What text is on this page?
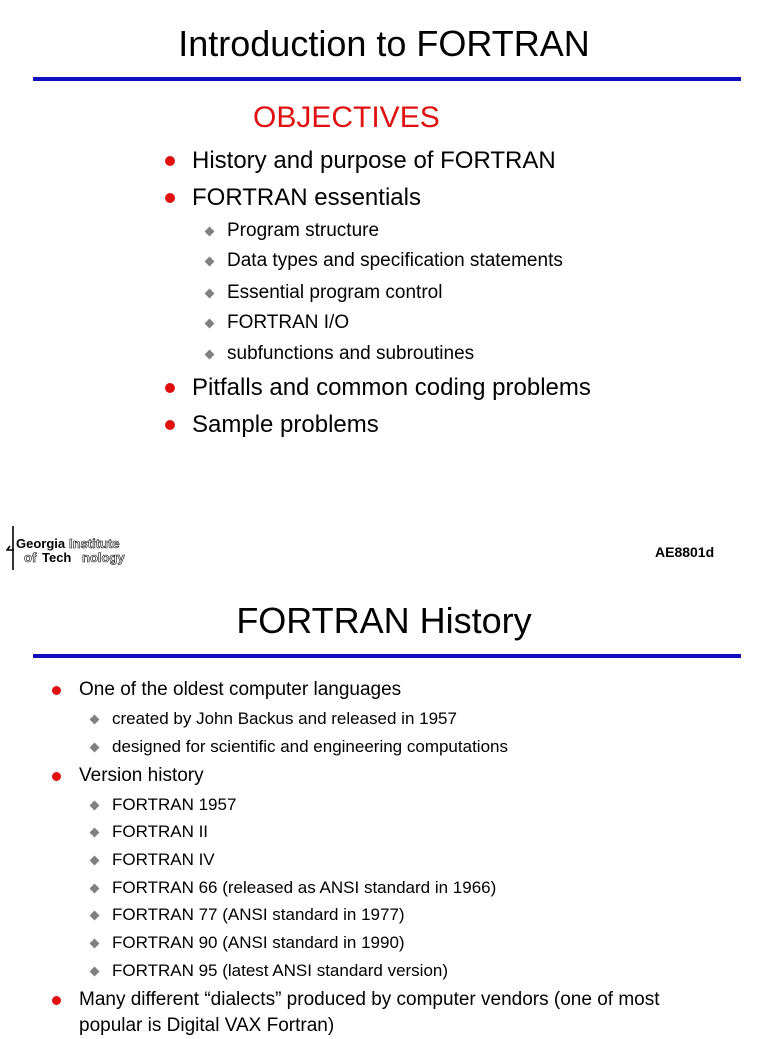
Introduction to FORTRAN
OBJECTIVES
History and purpose of FORTRAN
FORTRAN essentials
Program structure
Data types and specification statements
Essential program control
FORTRAN I/O
subfunctions and subroutines
Pitfalls and common coding problems
Sample problems
Georgia Institute
of Tech nology	AE8801d
FORTRAN History
One of the oldest computer languages
created by John Backus and released in 1957
designed for scientific and engineering computations
Version history
FORTRAN 1957
FORTRAN II
FORTRAN IV
FORTRAN 66 (released as ANSI standard in 1966)
FORTRAN 77 (ANSI standard in 1977)
FORTRAN 90 (ANSI standard in 1990)
FORTRAN 95 (latest ANSI standard version)
Many different “dialects” produced by computer vendors (one of most popular is Digital VAX Fortran)
